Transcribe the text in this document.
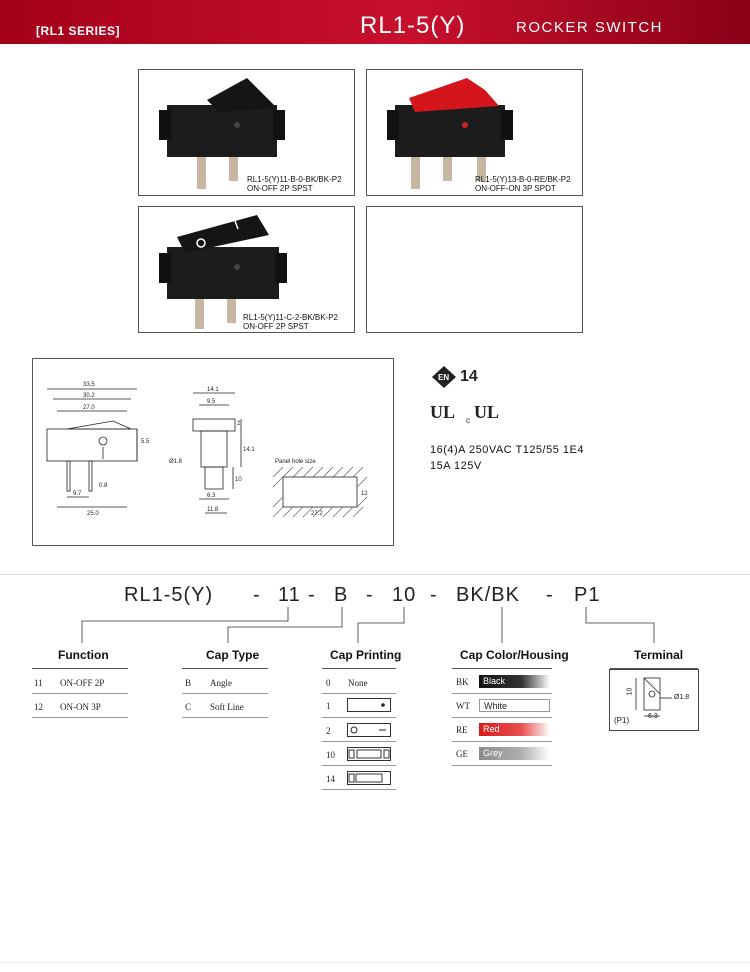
[RL1 SERIES]	RL1-5(Y)	ROCKER SWITCH
RL1-5(Y)11-B-0-BK/BK-P2
ON-OFF 2P SPST
RL1-5(Y)13-B-0-RE/BK-P2
ON-OFF-ON 3P SPDT
RL1-5(Y)11-C-2-BK/BK-P2
ON-OFF 2P SPST
33.5
30.2
27.0
5.5
0.8
9.7
25.0
14.1
9.5
2
14.1
10
Ø1.8
6.3
11.8
12
27.2
Panel hole size
EN 14
UL c UL
16(4)A 250VAC T125/55 1E4
15A 125V
RL1-5(Y) - 11 - B - 10 - BK/BK - P1
Function
11 ON-OFF 2P
12 ON-ON 3P
Cap Type
B Angle
C Soft Line
Cap Printing
0 None
1
2
10
14
Cap Color/Housing
BK	Black
WT	White
RE	Red
GE	Grey
Terminal
10
Ø1.8
6.3
(P1)
